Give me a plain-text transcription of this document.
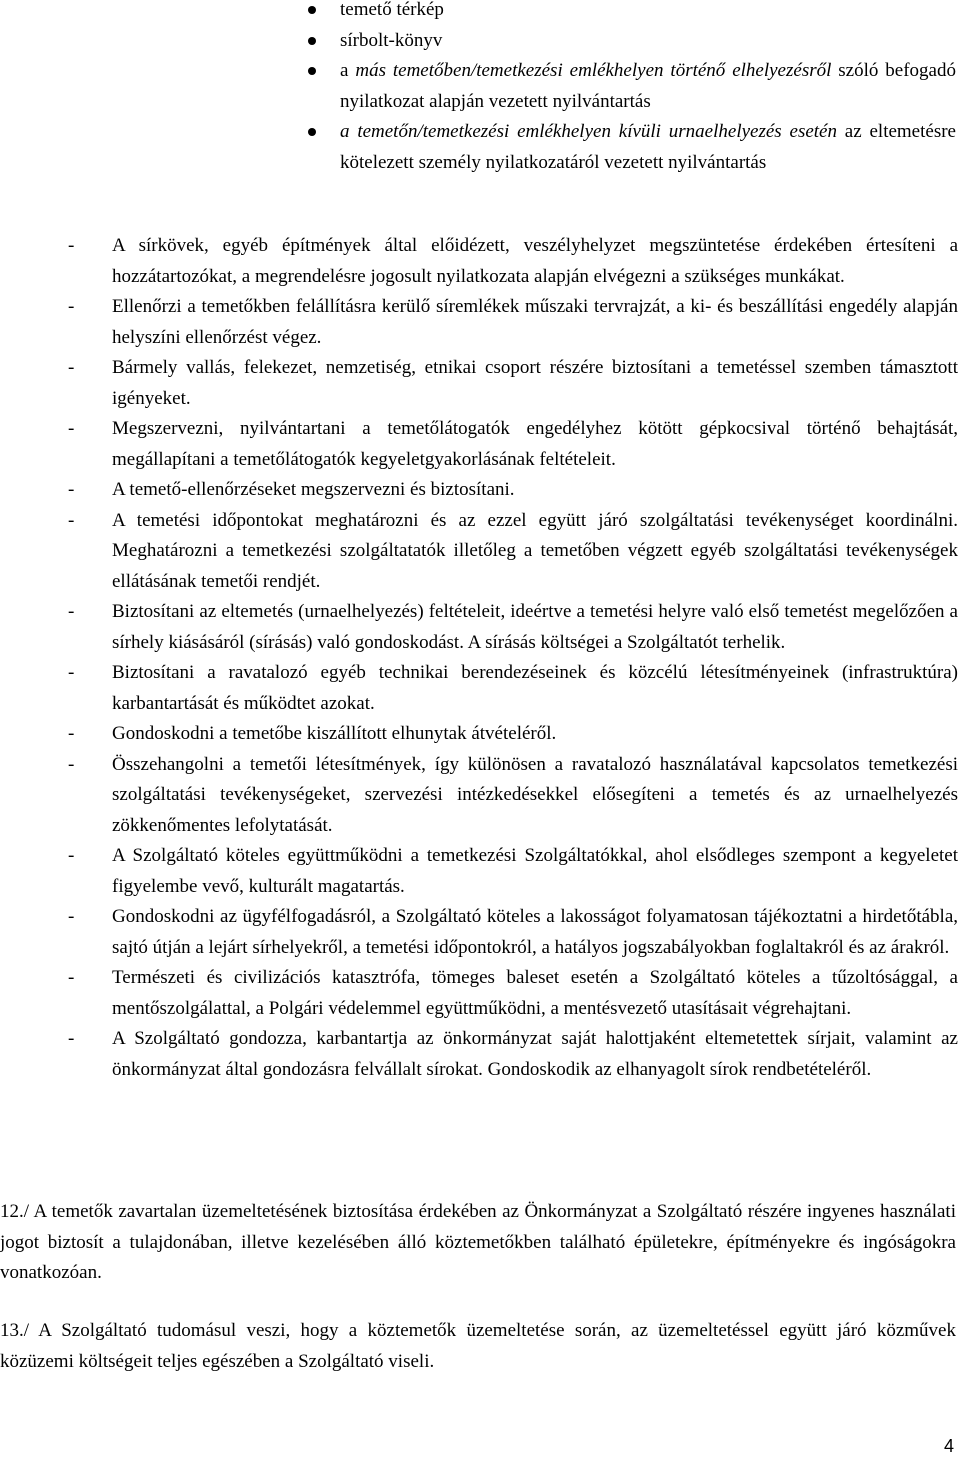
temető térkép
sírbolt-könyv
a más temetőben/temetkezési emlékhelyen történő elhelyezésről szóló befogadó nyilatkozat alapján vezetett nyilvántartás
a temetőn/temetkezési emlékhelyen kívüli urnaelhelyezés esetén az eltemetésre kötelezett személy nyilatkozatáról vezetett nyilvántartás
- A sírkövek, egyéb építmények által előidézett, veszélyhelyzet megszüntetése érdekében értesíteni a hozzátartozókat, a megrendelésre jogosult nyilatkozata alapján elvégezni a szükséges munkákat.
- Ellenőrzi a temetőkben felállításra kerülő síremlékek műszaki tervrajzát, a ki- és beszállítási engedély alapján helyszíni ellenőrzést végez.
- Bármely vallás, felekezet, nemzetiség, etnikai csoport részére biztosítani a temetéssel szemben támasztott igényeket.
- Megszervezni, nyilvántartani a temetőlátogatók engedélyhez kötött gépkocsival történő behajtását, megállapítani a temetőlátogatók kegyeletgyakorlásának feltételeit.
- A temető-ellenőrzéseket megszervezni és biztosítani.
- A temetési időpontokat meghatározni és az ezzel együtt járó szolgáltatási tevékenységet koordinálni. Meghatározni a temetkezési szolgáltatatók illetőleg a temetőben végzett egyéb szolgáltatási tevékenységek ellátásának temetői rendjét.
- Biztosítani az eltemetés (urnaelhelyezés) feltételeit, ideértve a temetési helyre való első temetést megelőzően a sírhely kiásásáról (sírásás) való gondoskodást. A sírásás költségei a Szolgáltatót terhelik.
- Biztosítani a ravatalozó egyéb technikai berendezéseinek és közcélú létesítményeinek (infrastruktúra) karbantartását és működtet azokat.
- Gondoskodni a temetőbe kiszállított elhunytak átvételéről.
- Összehangolni a temetői létesítmények, így különösen a ravatalozó használatával kapcsolatos temetkezési szolgáltatási tevékenységeket, szervezési intézkedésekkel elősegíteni a temetés és az urnaelhelyezés zökkenőmentes lefolytatását.
- A Szolgáltató köteles együttműködni a temetkezési Szolgáltatókkal, ahol elsődleges szempont a kegyeletet figyelembe vevő, kulturált magatartás.
- Gondoskodni az ügyfélfogadásról, a Szolgáltató köteles a lakosságot folyamatosan tájékoztatni a hirdetőtábla, sajtó útján a lejárt sírhelyekről, a temetési időpontokról, a hatályos jogszabályokban foglaltakról és az árakról.
- Természeti és civilizációs katasztrófa, tömeges baleset esetén a Szolgáltató köteles a tűzoltósággal, a mentőszolgálattal, a Polgári védelemmel együttműködni, a mentésvezető utasításait végrehajtani.
- A Szolgáltató gondozza, karbantartja az önkormányzat saját halottjaként eltemetettek sírjait, valamint az önkormányzat által gondozásra felvállalt sírokat. Gondoskodik az elhanyagolt sírok rendbetételéről.

12./ A temetők zavartalan üzemeltetésének biztosítása érdekében az Önkormányzat a Szolgáltató részére ingyenes használati jogot biztosít a tulajdonában, illetve kezelésében álló köztemetőkben található épületekre, építményekre és ingóságokra vonatkozóan.

13./ A Szolgáltató tudomásul veszi, hogy a köztemetők üzemeltetése során, az üzemeltetéssel együtt járó közművek közüzemi költségeit teljes egészében a Szolgáltató viseli.

4
